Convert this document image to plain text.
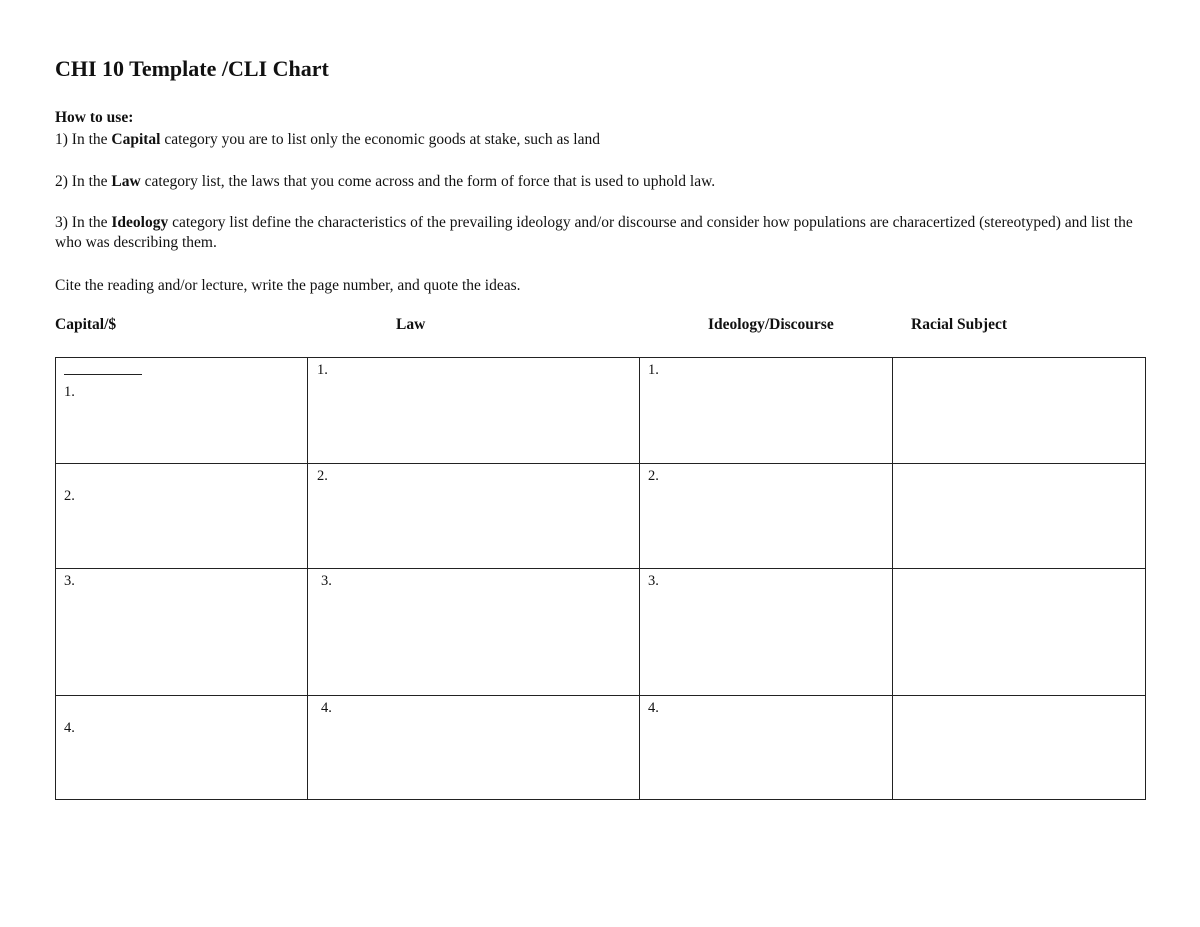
CHI 10 Template /CLI Chart

How to use:

1) In the Capital category you are to list only the economic goods at stake, such as land

2) In the Law category list, the laws that you come across and the form of force that is used to uphold law.

3) In the Ideology category list define the characteristics of the prevailing ideology and/or discourse and consider how populations are characertized (stereotyped) and list the who was describing them.

Cite the reading and/or lecture, write the page number, and quote the ideas.

Capital/$	Law	Ideology/Discourse	Racial Subject
1.	1.	1.	

2.	2.	2.	

3.	3.	3.	

4.	4.	4.	
